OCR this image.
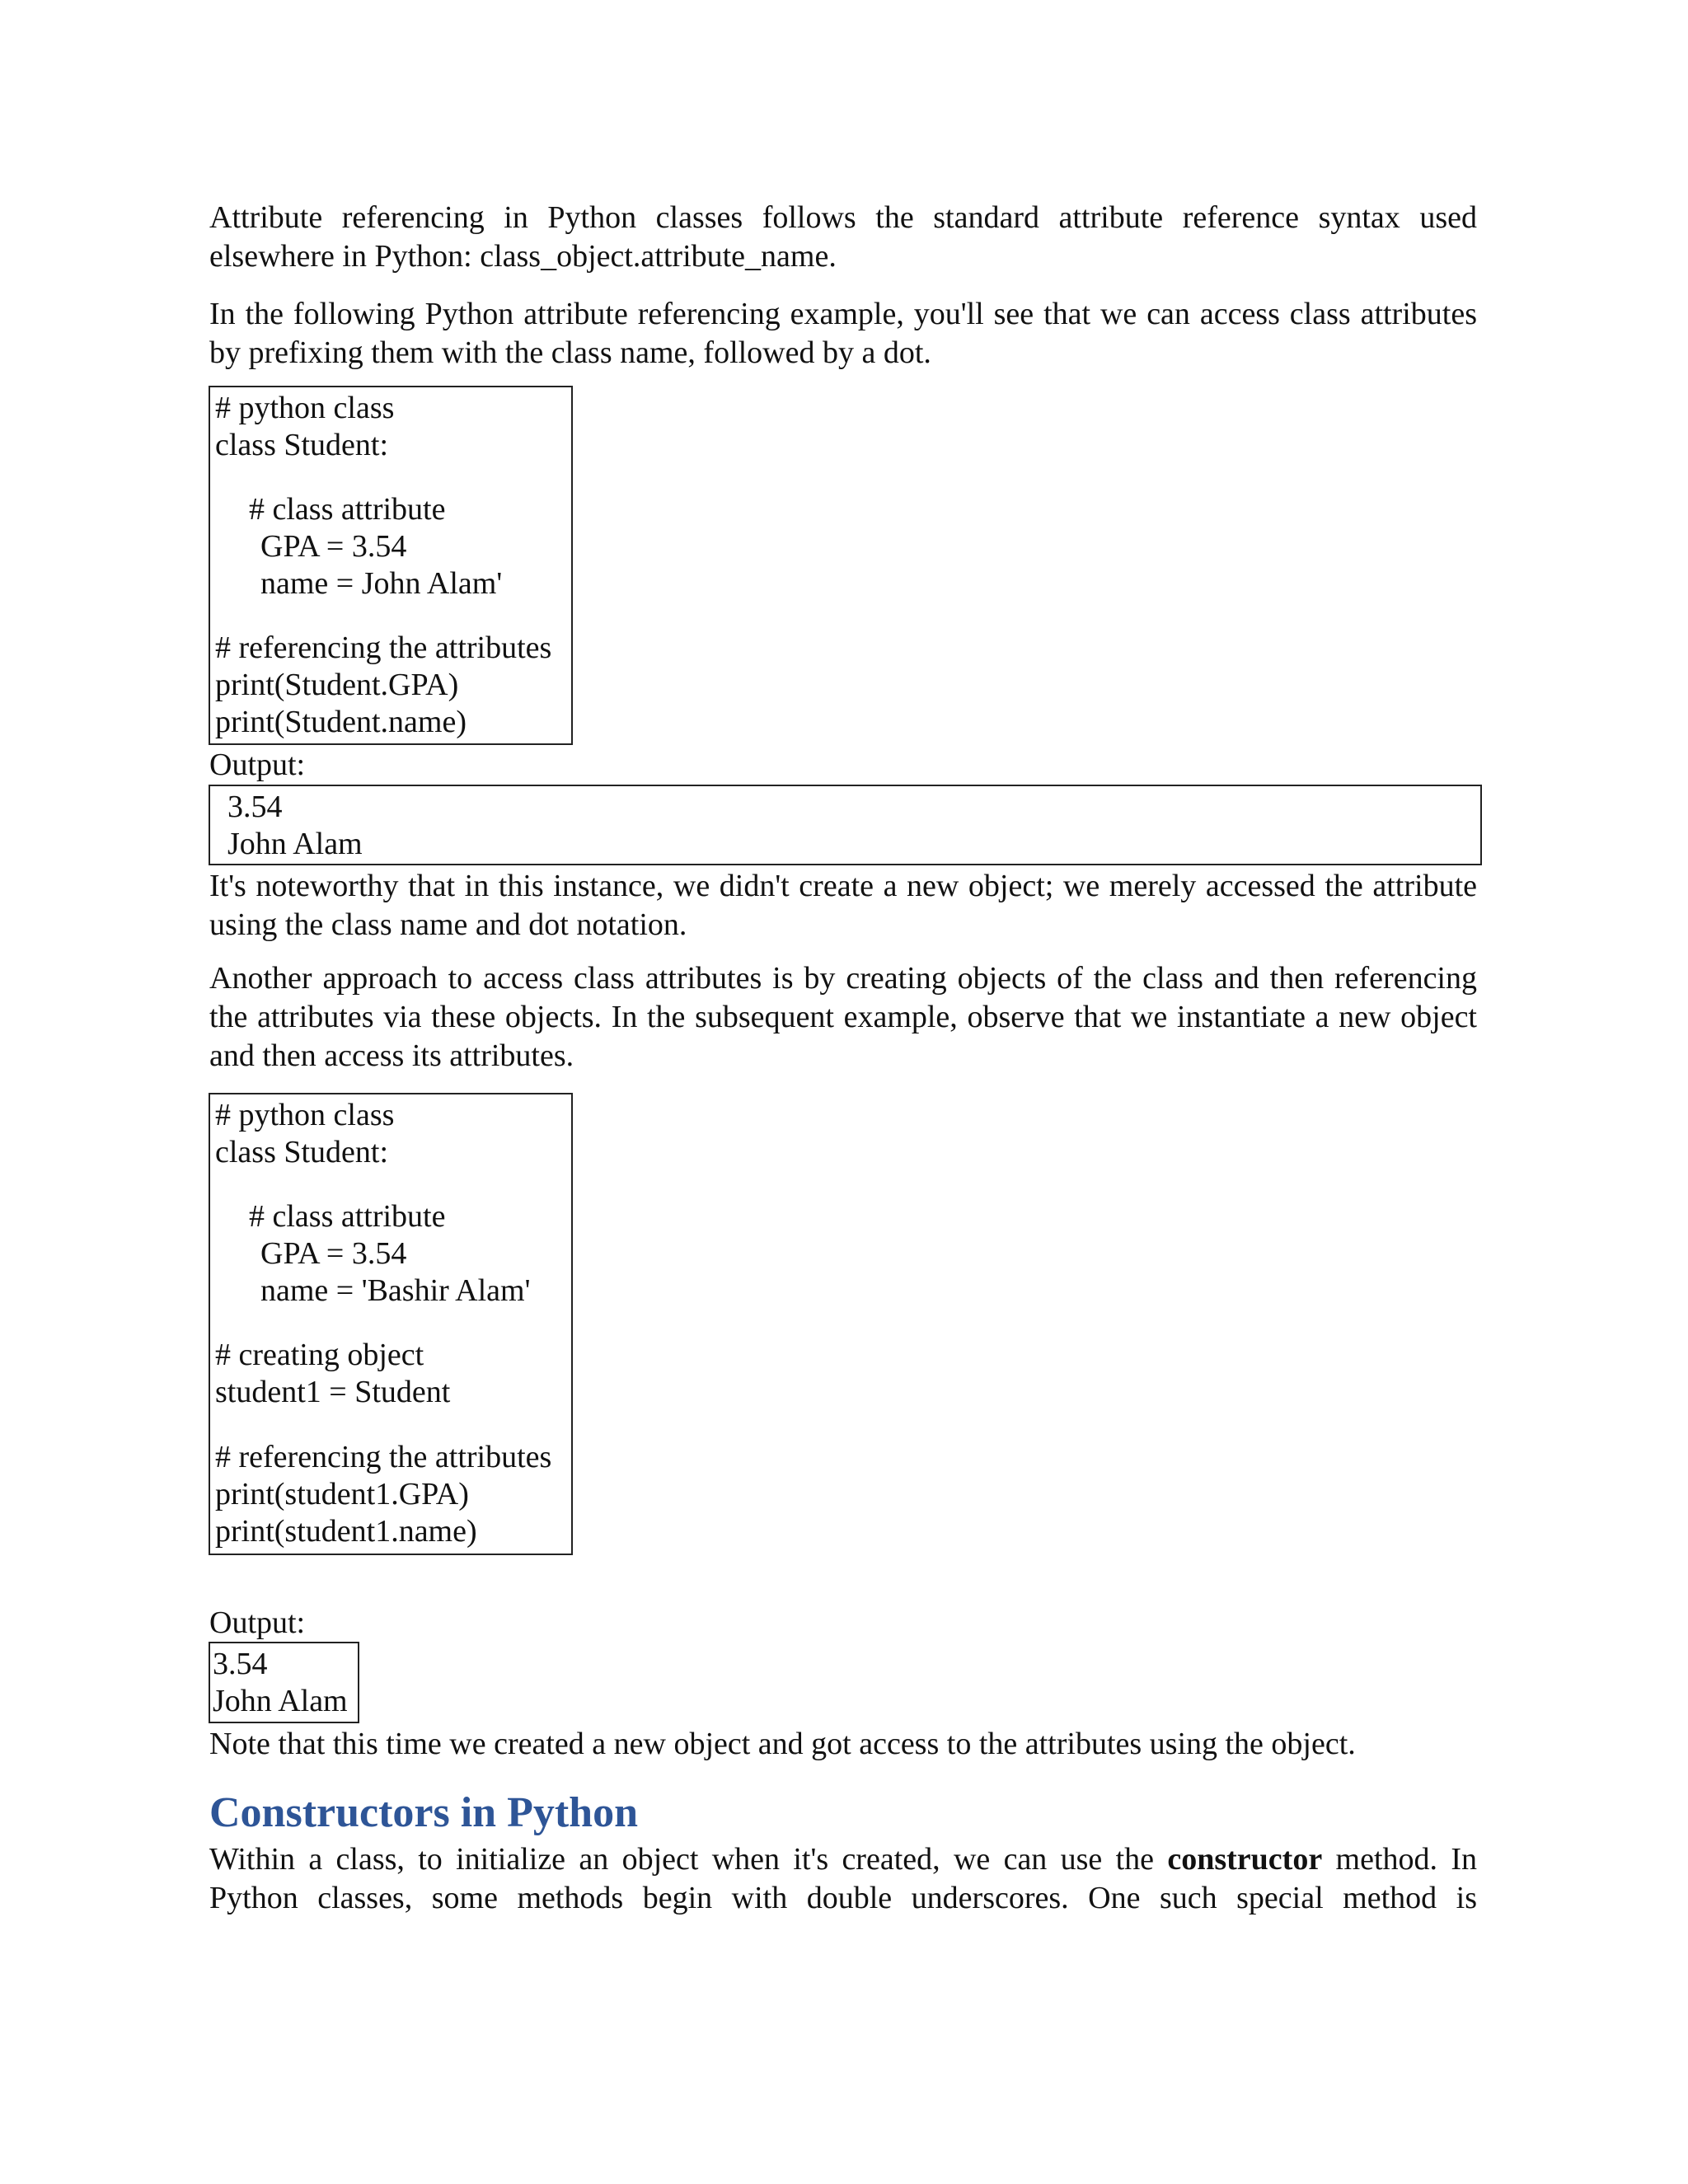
Attribute referencing in Python classes follows the standard attribute reference syntax used elsewhere in Python: class_object.attribute_name.

In the following Python attribute referencing example, you'll see that we can access class attributes by prefixing them with the class name, followed by a dot.

# python class
class Student:
# class attribute
GPA = 3.54
name = John Alam'
# referencing the attributes
print(Student.GPA)
print(Student.name)

Output:

3.54
John Alam

It's noteworthy that in this instance, we didn't create a new object; we merely accessed the attribute using the class name and dot notation.

Another approach to access class attributes is by creating objects of the class and then referencing the attributes via these objects. In the subsequent example, observe that we instantiate a new object and then access its attributes.

# python class
class Student:
# class attribute
GPA = 3.54
name = 'Bashir Alam'
# creating object
student1 = Student
# referencing the attributes
print(student1.GPA)
print(student1.name)

Output:

3.54
John Alam

Note that this time we created a new object and got access to the attributes using the object.

Constructors in Python

Within a class, to initialize an object when it's created, we can use the constructor method. In Python classes, some methods begin with double underscores. One such special method is
